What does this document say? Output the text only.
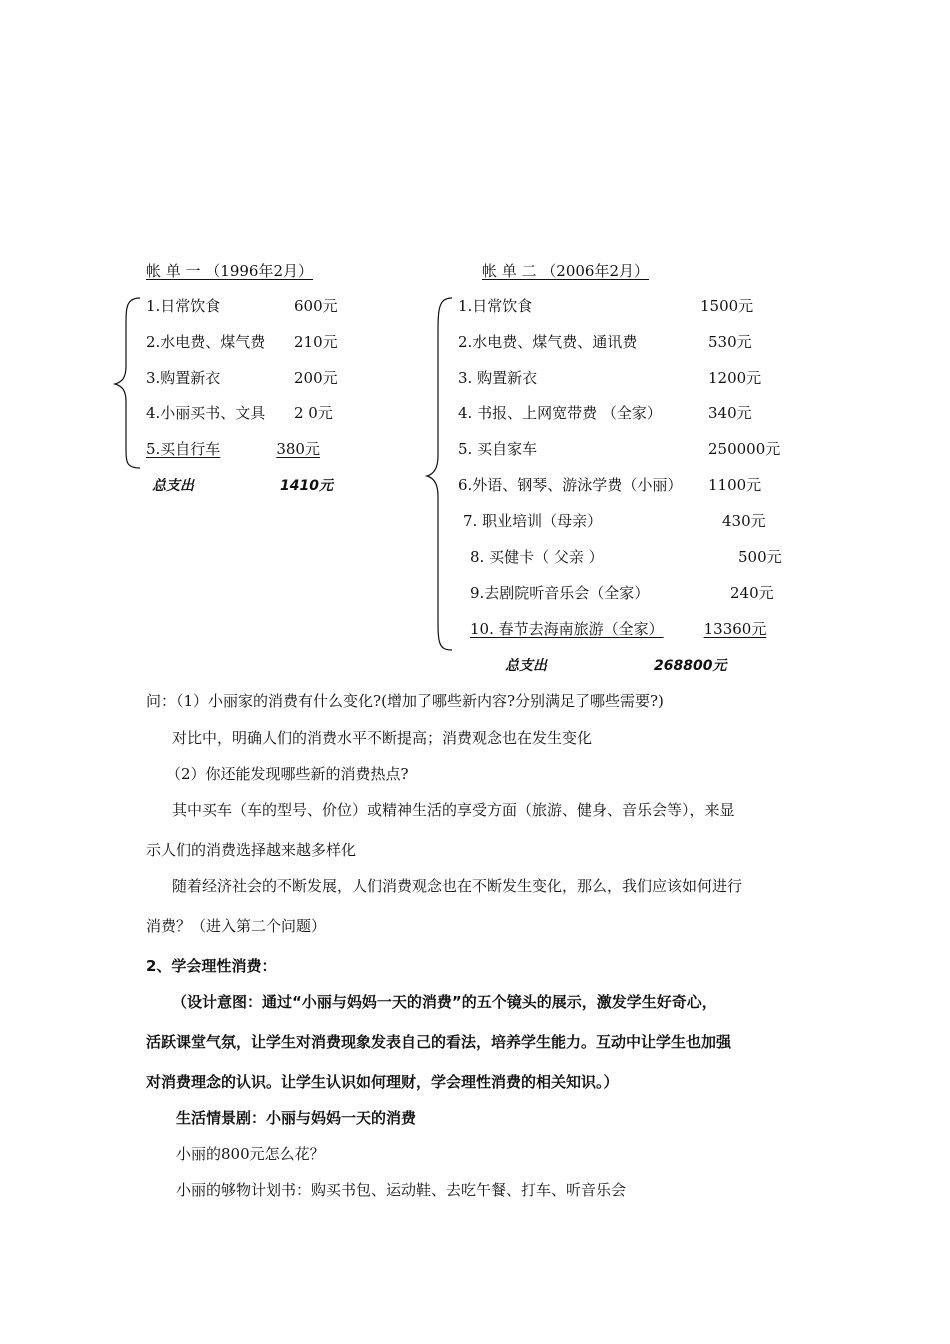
帐 单 一 （1996年2月）
1.日常饮食	600元
2.水电费、煤气费 210元
3.购置新衣	200元
4.小丽买书、文具 2 0元
5.买自行车	380元
总支出	1410元
帐 单 二 （2006年2月）
1.日常饮食	1500元
2.水电费、煤气费、通讯费	530元
3. 购置新衣	1200元
4. 书报、上网宽带费 （全家）	340元
5. 买自家车	250000元
6.外语、钢琴、游泳学费（小丽） 1100元
7. 职业培训（母亲）	430元
8. 买健卡（ 父亲 ）	500元
9.去剧院听音乐会（全家）	240元
10. 春节去海南旅游（全家）	13360元
总支出	268800元
问：（1）小丽家的消费有什么变化?(增加了哪些新内容?分别满足了哪些需要?)
对比中，明确人们的消费水平不断提高；消费观念也在发生变化
（2）你还能发现哪些新的消费热点?
其中买车（车的型号、价位）或精神生活的享受方面（旅游、健身、音乐会等），来显
示人们的消费选择越来越多样化
随着经济社会的不断发展，人们消费观念也在不断发生变化，那么，我们应该如何进行
消费？（进入第二个问题）
2、学会理性消费：
（设计意图：通过“小丽与妈妈一天的消费”的五个镜头的展示，激发学生好奇心，
活跃课堂气氛，让学生对消费现象发表自己的看法，培养学生能力。互动中让学生也加强
对消费理念的认识。让学生认识如何理财，学会理性消费的相关知识。）
生活情景剧：小丽与妈妈一天的消费
小丽的800元怎么花？
小丽的够物计划书：购买书包、运动鞋、去吃午餐、打车、听音乐会
